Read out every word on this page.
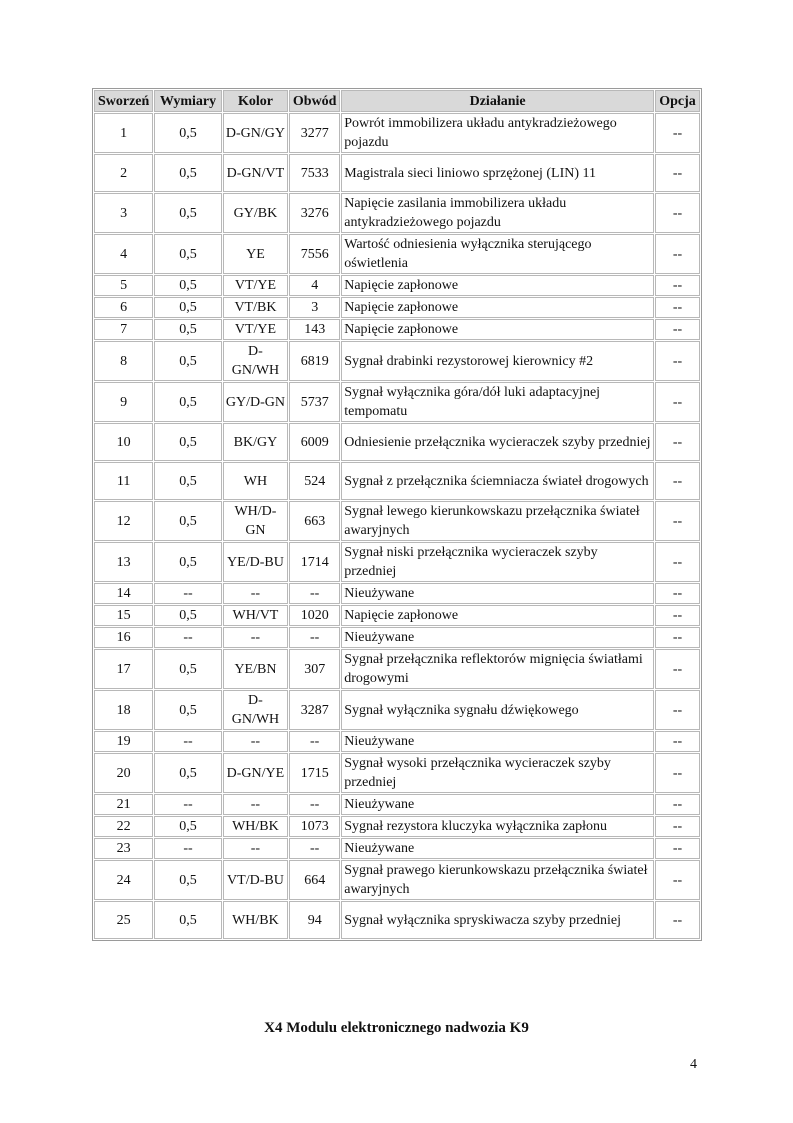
Sworzeń	Wymiary	Kolor	Obwód	Działanie	Opcja
1	0,5	D-GN/GY	3277	Powrót immobilizera układu antykradzieżowego pojazdu	--
2	0,5	D-GN/VT	7533	Magistrala sieci liniowo sprzężonej (LIN) 11	--
3	0,5	GY/BK	3276	Napięcie zasilania immobilizera układu antykradzieżowego pojazdu	--
4	0,5	YE	7556	Wartość odniesienia wyłącznika sterującego oświetlenia	--
5	0,5	VT/YE	4	Napięcie zapłonowe	--
6	0,5	VT/BK	3	Napięcie zapłonowe	--
7	0,5	VT/YE	143	Napięcie zapłonowe	--
8	0,5	D-GN/WH	6819	Sygnał drabinki rezystorowej kierownicy #2	--
9	0,5	GY/D-GN	5737	Sygnał wyłącznika góra/dół luki adaptacyjnej tempomatu	--
10	0,5	BK/GY	6009	Odniesienie przełącznika wycieraczek szyby przedniej	--
11	0,5	WH	524	Sygnał z przełącznika ściemniacza świateł drogowych	--
12	0,5	WH/D-GN	663	Sygnał lewego kierunkowskazu przełącznika świateł awaryjnych	--
13	0,5	YE/D-BU	1714	Sygnał niski przełącznika wycieraczek szyby przedniej	--
14	--	--	--	Nieużywane	--
15	0,5	WH/VT	1020	Napięcie zapłonowe	--
16	--	--	--	Nieużywane	--
17	0,5	YE/BN	307	Sygnał przełącznika reflektorów mignięcia światłami drogowymi	--
18	0,5	D-GN/WH	3287	Sygnał wyłącznika sygnału dźwiękowego	--
19	--	--	--	Nieużywane	--
20	0,5	D-GN/YE	1715	Sygnał wysoki przełącznika wycieraczek szyby przedniej	--
21	--	--	--	Nieużywane	--
22	0,5	WH/BK	1073	Sygnał rezystora kluczyka wyłącznika zapłonu	--
23	--	--	--	Nieużywane	--
24	0,5	VT/D-BU	664	Sygnał prawego kierunkowskazu przełącznika świateł awaryjnych	--
25	0,5	WH/BK	94	Sygnał wyłącznika spryskiwacza szyby przedniej	--
X4 Modulu elektronicznego nadwozia K9
4
